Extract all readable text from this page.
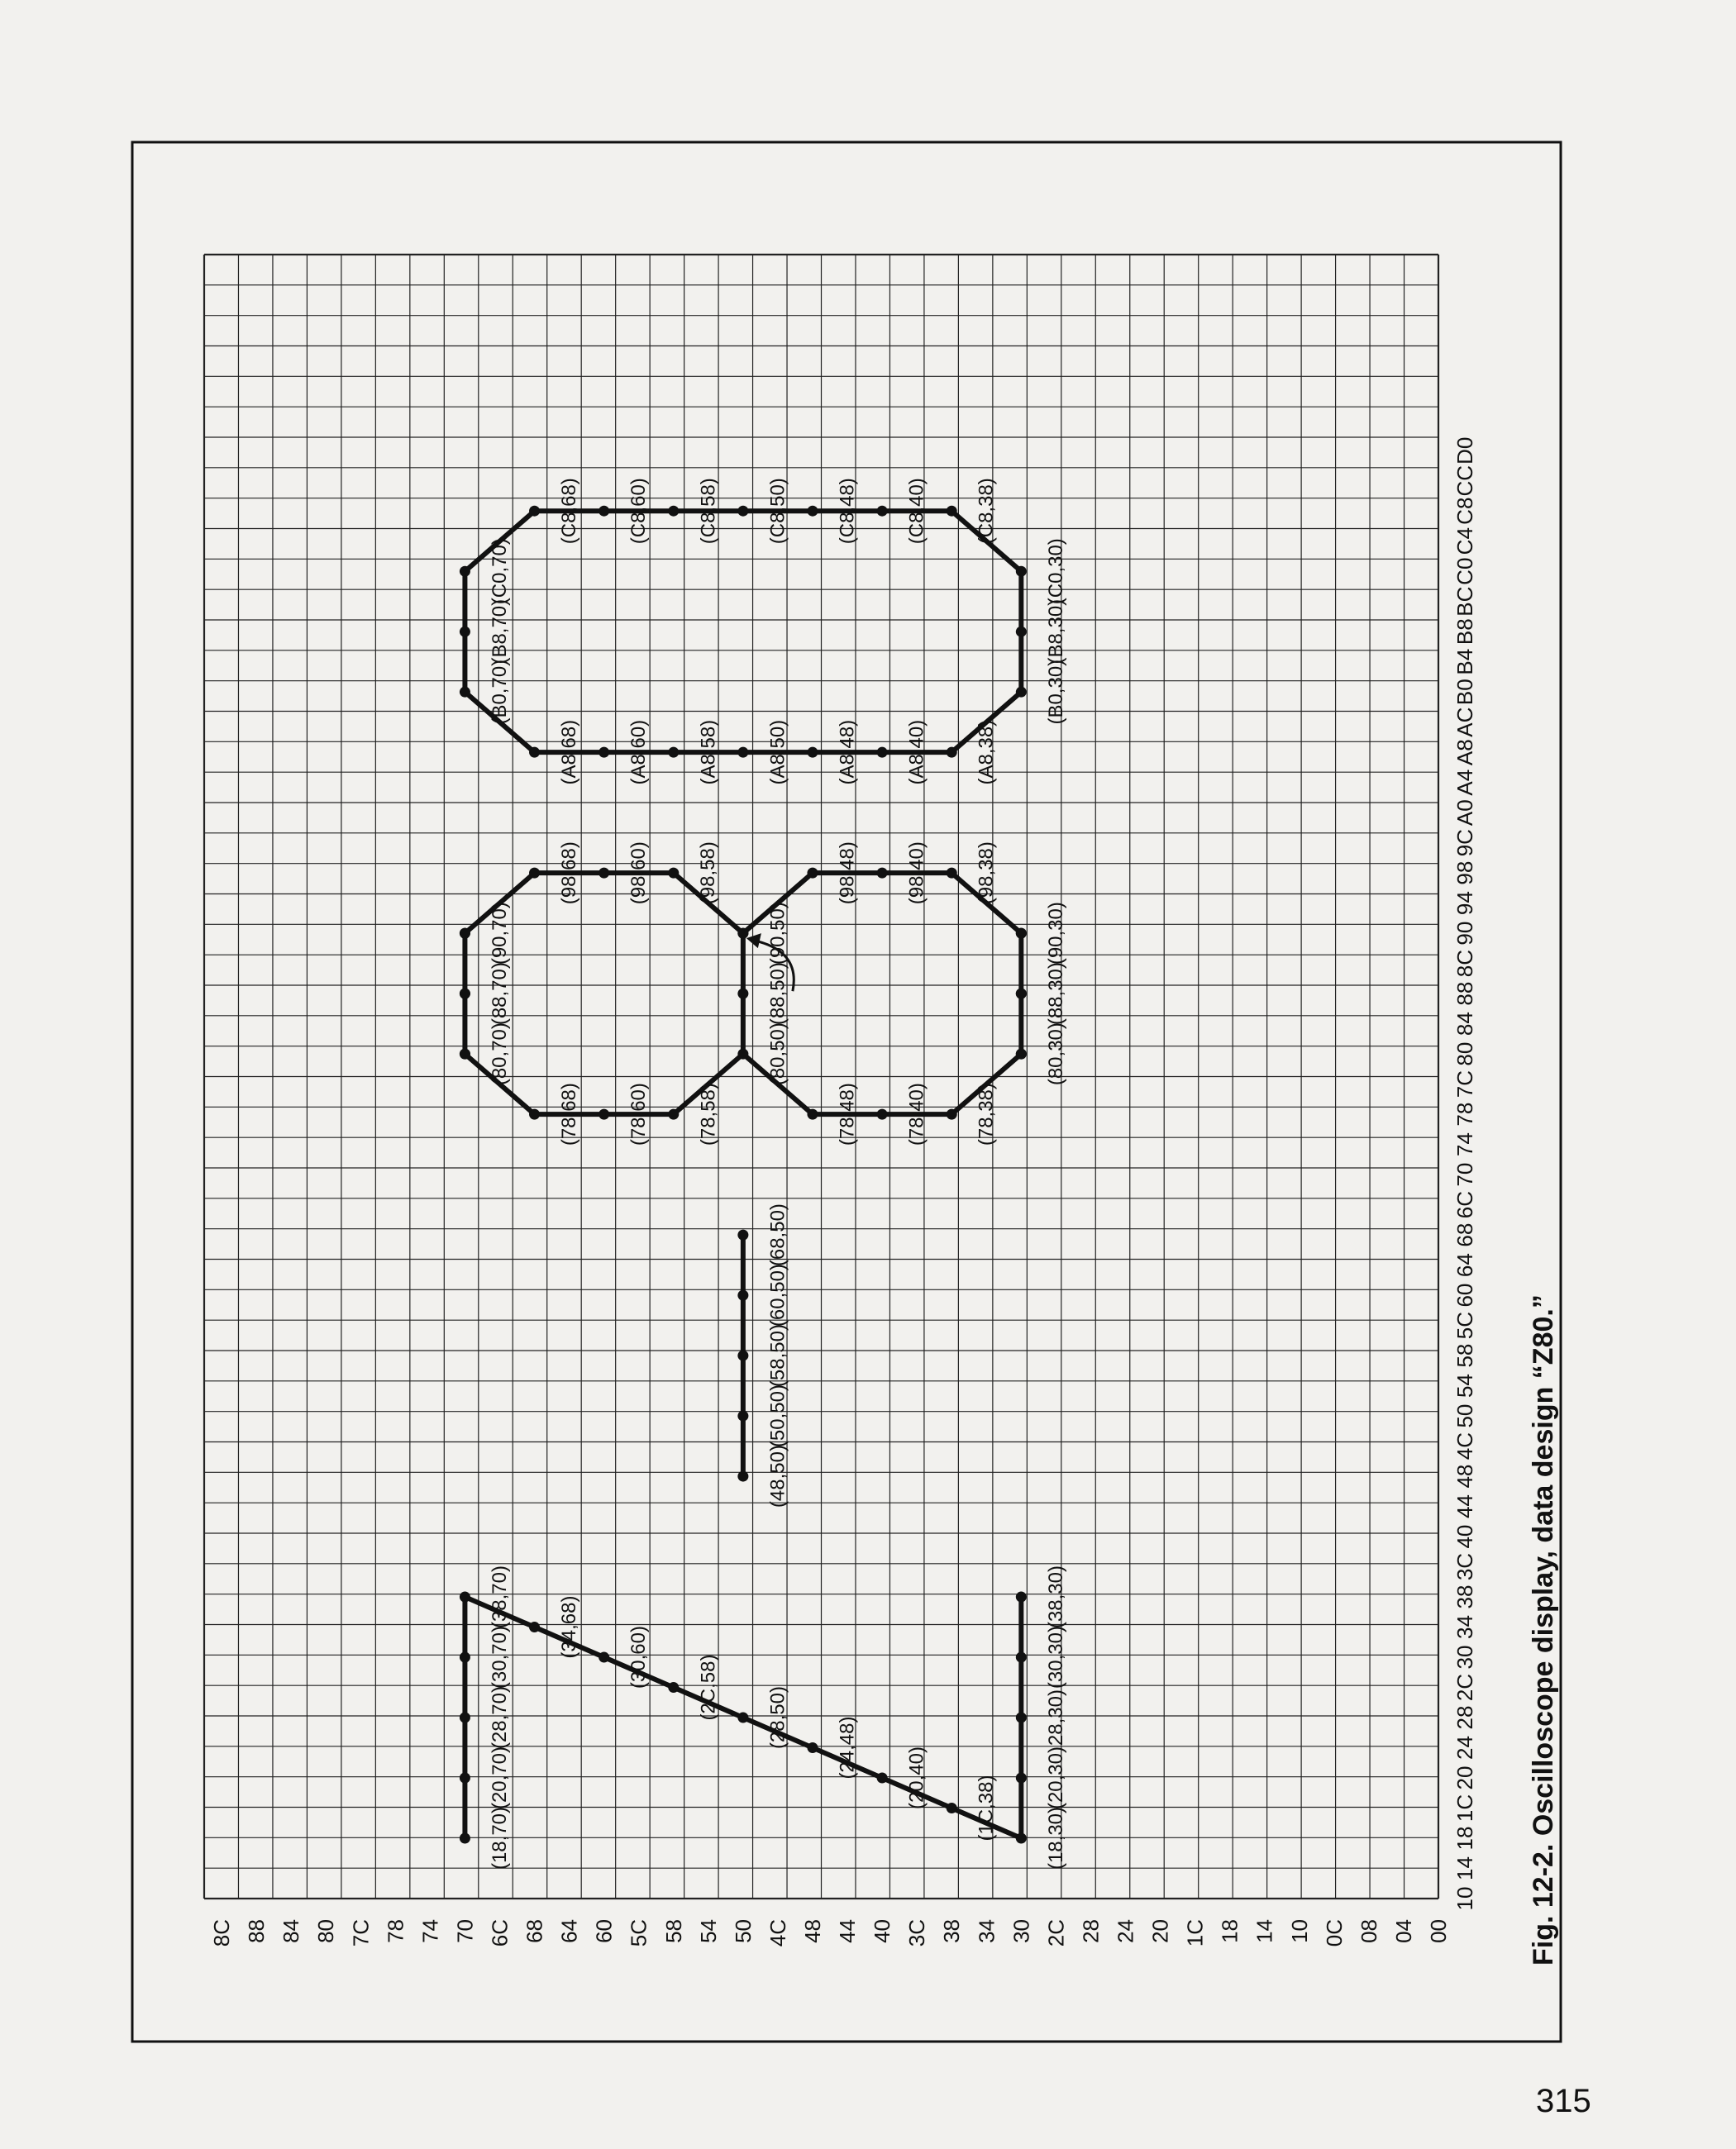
10
14
18
1C
20
24
28
2C
30
34
38
3C
40
44
48
4C
50
54
58
5C
60
64
68
6C
70
74
78
7C
80
84
88
8C
90
94
98
9C
A0
A4
A8
AC
B0
B4
B8
BC
C0
C4
C8
CC
D0
00
04
08
0C
10
14
18
1C
20
24
28
2C
30
34
38
3C
40
44
48
4C
50
54
58
5C
60
64
68
6C
70
74
78
7C
80
84
88
8C
(18,70)
(20,70)
(28,70)
(30,70)
(38,70) (34,68) (30,60) (2C,58) (28,50) (24,48) (20,40) (1C,38) (18,30)
(20,30)
28,30)
(30,30)
(38,30)
(48,50)
(50,50)
(58,50)
(60,50)
(68,50)
(78,68) (78,60) (78,58)
(80,70)
(88,70)
(90,70)
(98,68) (98,60) (98,58)
(90,50)
(78,48) (78,40) (78,38)
(80,50)
(88,50)
(80,30)
(88,30)
(90,30)
(98,48) (98,40) (98,38)
(A8,68) (A8,60) (A8,58) (A8,50) (A8,48) (A8,40) (A8,38)
(B0,70)
(B8,70)
(C0,70)
(B0,30)
(B8,30)
(C0,30)
(C8,68) (C8,60) (C8,58) (C8,50) (C8,48) (C8,40) (C8,38)
Fig. 12-2. Oscilloscope display, data design “Z80.”
315
